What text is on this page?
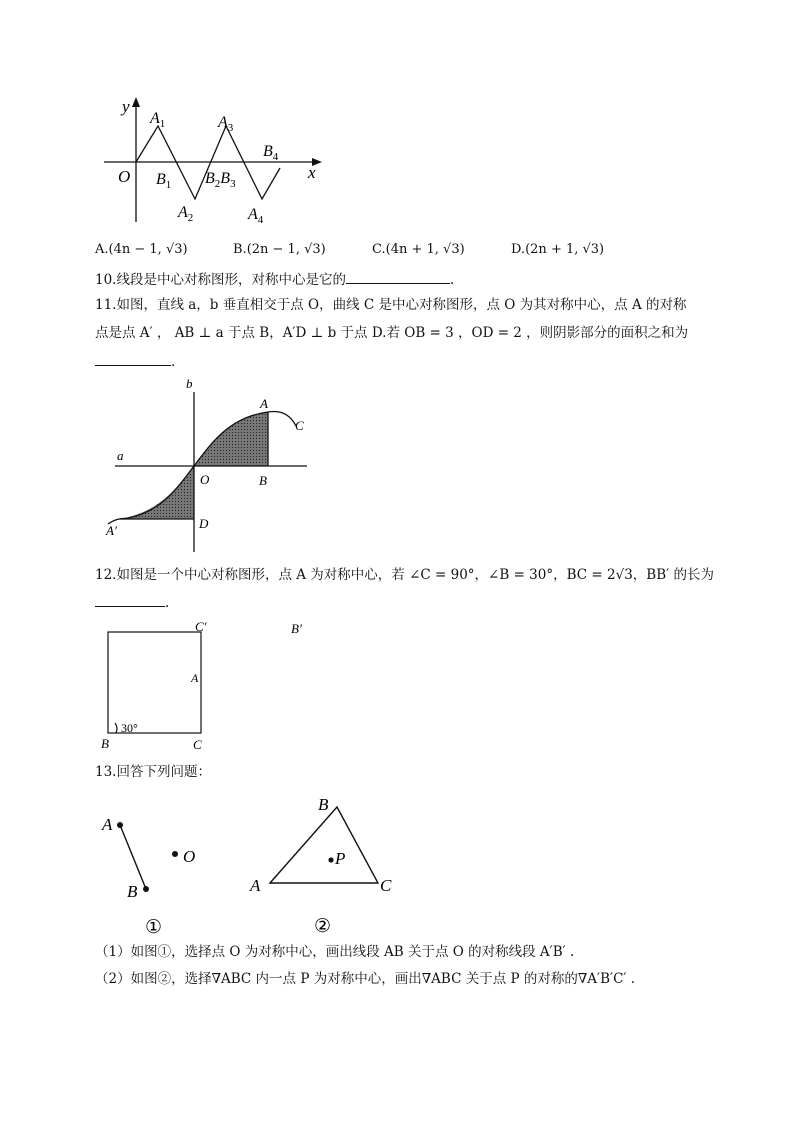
y
x
O
$A_1$
$B_1$
$A_2$
$A_3$
$B_2B_3$
$B_4$
$A_4$
A.(4n − 1, √3)	B.(2n − 1, √3)	C.(4n + 1, √3)	D.(2n + 1, √3)
10.线段是中心对称图形，对称中心是它的	.
11.如图，直线 a，b 垂直相交于点 O，曲线 C 是中心对称图形，点 O 为其对称中心，点 A 的对称
点是点 A′ ， AB ⊥ a 于点 B，A′D ⊥ b 于点 D.若 OB = 3 ，OD = 2 ，则阴影部分的面积之和为
.
b
a
A
C
O	B
A′	D
12.如图是一个中心对称图形，点 A 为对称中心，若 ∠C = 90°，∠B = 30°，BC = 2√3，BB′ 的长为
.
C′	B′
A
30°
B	C
13.回答下列问题：
A
B
O
①
B
A	C
P
②
（1）如图①，选择点 O 为对称中心，画出线段 AB 关于点 O 的对称线段 A′B′ .
（2）如图②，选择∇ABC 内一点 P 为对称中心，画出∇ABC 关于点 P 的对称的∇A′B′C′ .
